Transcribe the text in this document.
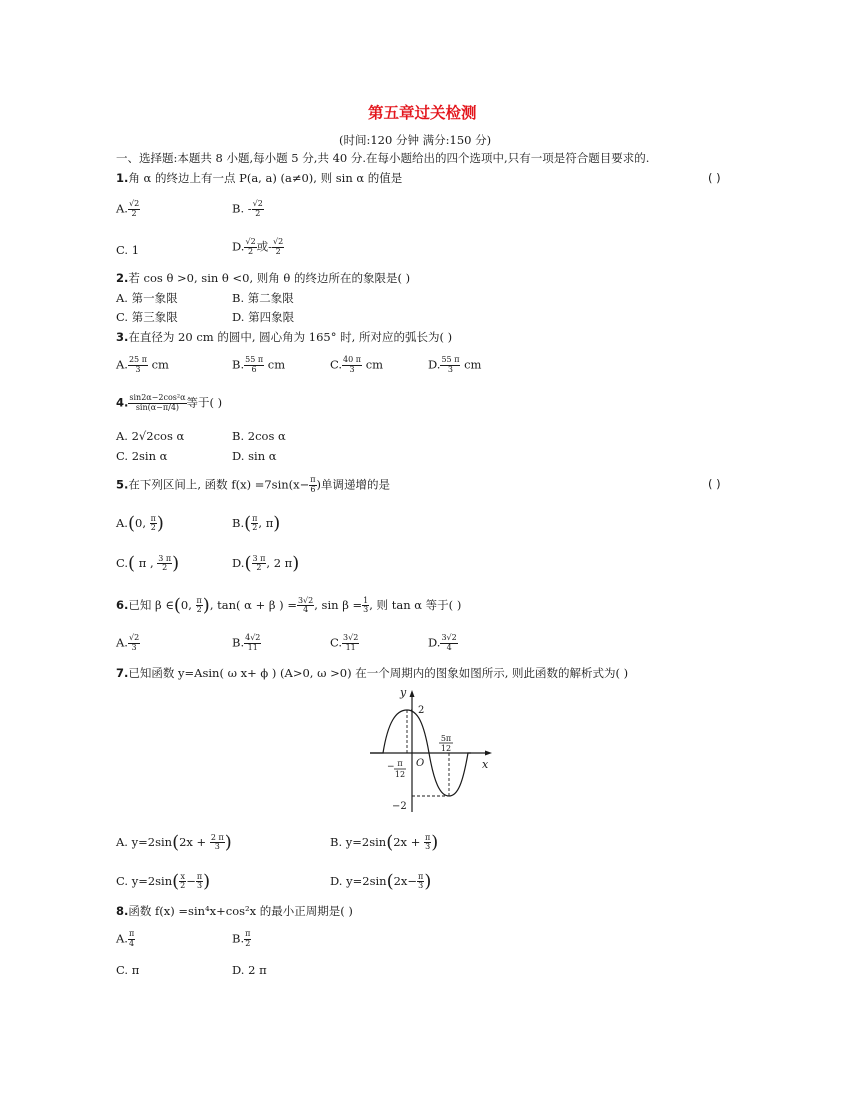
第五章过关检测
(时间:120 分钟 满分:150 分)
一、选择题:本题共 8 小题,每小题 5 分,共 40 分.在每小题给出的四个选项中,只有一项是符合题目要求的.
1.角 α 的终边上有一点 P(a, a) (a≠0), 则 sin α 的值是	( )
A. $\frac{√2}{2}$	B. - $\frac{√2}{2}$
C. 1	D. $\frac{√2}{2}$ 或- $\frac{√2}{2}$
2.若 cos θ >0, sin θ <0, 则角 θ 的终边所在的象限是( )
A. 第一象限	B. 第二象限
C. 第三象限	D. 第四象限
3.在直径为 20 cm 的圆中, 圆心角为 165° 时, 所对应的弧长为( )
A. $\frac{25 \pi}{3}$ cm	B. $\frac{55 \pi}{6}$ cm	C. $\frac{40 \pi}{3}$ cm	D. $\frac{55 \pi}{3}$ cm
4. $\frac{\text{sin2α−2cos²α}}{\sin(\alpha-\pi/4)}$ 等于( )
A. 2√2cos α	B. 2cos α
C. 2sin α	D. sin α
5.在下列区间上, 函数 $f(x) =7\sin(x- \frac{\pi}{6}$ )单调递增的是	( )
A.(0, $\frac{\pi}{2}$ )	$B.( \frac{\pi}{2}$ , π)
C.( π , $\frac{3 \pi}{2}$ )	$D.( \frac{3 \pi}{2}$ , 2 π)
6.已知 β ∈(0, $\frac{\pi}{2}$ ), tan( α + β ) = $\frac{3√2}{4}$ , $\sin \beta = \frac{1}{3}$ , 则 tan α 等于( )
A. $\frac{√2}{3}$	B. $\frac{4√2}{11}$	C. $\frac{3√2}{11}$	D. $\frac{3√2}{4}$
7.已知函数 y=Asin( ω x+ ϕ ) (A>0, ω >0) 在一个周期内的图象如图所示, 则此函数的解析式为( )
y
x
O
2
−2
− π
12
5π
12
A. $y=2\sin(2x + \frac{2 \pi}{3}$ )	B. $y=2\sin(2x + \frac{\pi}{3}$ )
C. $y=2\sin( \frac{x}{2} - \frac{\pi}{3}$ )	D. $y=2\sin(2x- \frac{\pi}{3}$ )
8.函数 f(x) =sin⁴x+cos²x 的最小正周期是( )
A. $\frac{\pi}{4}$	B. $\frac{\pi}{2}$
C. π	D. 2 π
